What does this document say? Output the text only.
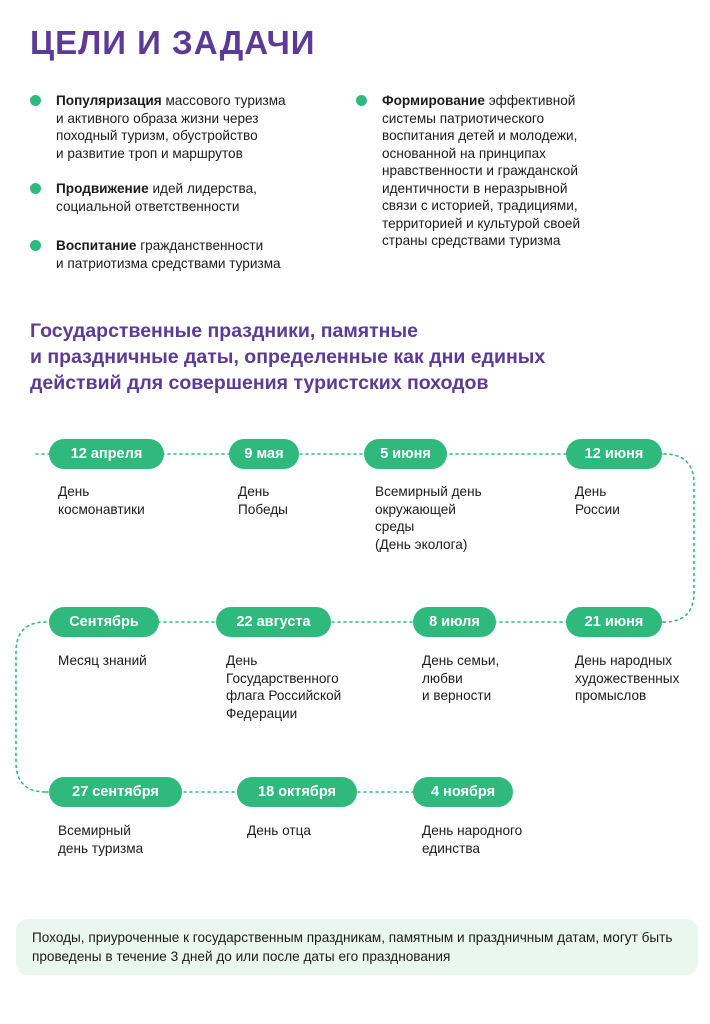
ЦЕЛИ И ЗАДАЧИ
Популяризация массового туризма
и активного образа жизни через
походный туризм, обустройство
и развитие троп и маршрутов
Продвижение идей лидерства,
социальной ответственности
Воспитание гражданственности
и патриотизма средствами туризма
Формирование эффективной
системы патриотического
воспитания детей и молодежи,
основанной на принципах
нравственности и гражданской
идентичности в неразрывной
связи с историей, традициями,
территорией и культурой своей
страны средствами туризма
Государственные праздники, памятные
и праздничные даты, определенные как дни единых
действий для совершения туристских походов
12 апреля
День
космонавтики
9 мая
День
Победы
5 июня
Всемирный день
окружающей
среды
(День эколога)
12 июня
День
России
Сентябрь
Месяц знаний
22 августа
День
Государственного
флага Российской
Федерации
8 июля
День семьи,
любви
и верности
21 июня
День народных
художественных
промыслов
27 сентября
Всемирный
день туризма
18 октября
День отца
4 ноября
День народного
единства
Походы, приуроченные к государственным праздникам, памятным и праздничным датам, могут быть проведены в течение 3 дней до или после даты его празднования
